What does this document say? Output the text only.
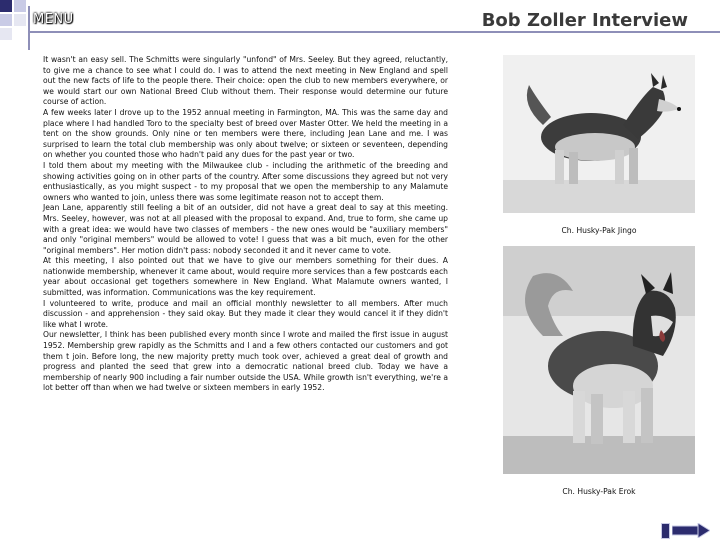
MENU	Bob Zoller Interview

It wasn't an easy sell. The Schmitts were singularly "unfond" of Mrs. Seeley. But they agreed, reluctantly, to give me a chance to see what I could do. I was to attend the next meeting in New England and spell out the new facts of life to the people there. Their choice: open the club to new members everywhere, or we would start our own National Breed Club without them. Their response would determine our future course of action.

A few weeks later I drove up to the 1952 annual meeting in Farmington, MA. This was the same day and place where I had handled Toro to the specialty best of breed over Master Otter. We held the meeting in a tent on the show grounds. Only nine or ten members were there, including Jean Lane and me. I was surprised to learn the total club membership was only about twelve; or sixteen or seventeen, depending on whether you counted those who hadn't paid any dues for the past year or two.

I told them about my meeting with the Milwaukee club - including the arithmetic of the breeding and showing activities going on in other parts of the country. After some discussions they agreed but not very enthusiastically, as you might suspect - to my proposal that we open the membership to any Malamute owners who wanted to join, unless there was some legitimate reason not to accept them.

Jean Lane, apparently still feeling a bit of an outsider, did not have a great deal to say at this meeting. Mrs. Seeley, however, was not at all pleased with the proposal to expand. And, true to form, she came up with a great idea: we would have two classes of members - the new ones would be "auxiliary members" and only "original members" would be allowed to vote! I guess that was a bit much, even for the other "original members". Her motion didn't pass: nobody seconded it and it never came to vote.

At this meeting, I also pointed out that we have to give our members something for their dues. A nationwide membership, whenever it came about, would require more services than a few postcards each year about occasional get togethers somewhere in New England. What Malamute owners wanted, I submitted, was information. Communications was the key requirement.

I volunteered to write, produce and mail an official monthly newsletter to all members. After much discussion - and apprehension - they said okay. But they made it clear they would cancel it if they didn't like what I wrote.

Our newsletter, I think has been published every month since I wrote and mailed the first issue in august 1952. Membership grew rapidly as the Schmitts and I and a few others contacted our customers and got them t join. Before long, the new majority pretty much took over, achieved a great deal of growth and progress and planted the seed that grew into a democratic national breed club. Today we have a membership of nearly 900 including a fair number outside the USA. While growth isn't everything, we're a lot better off than when we had twelve or sixteen members in early 1952.

Ch. Husky-Pak Jingo
Ch. Husky-Pak Erok
